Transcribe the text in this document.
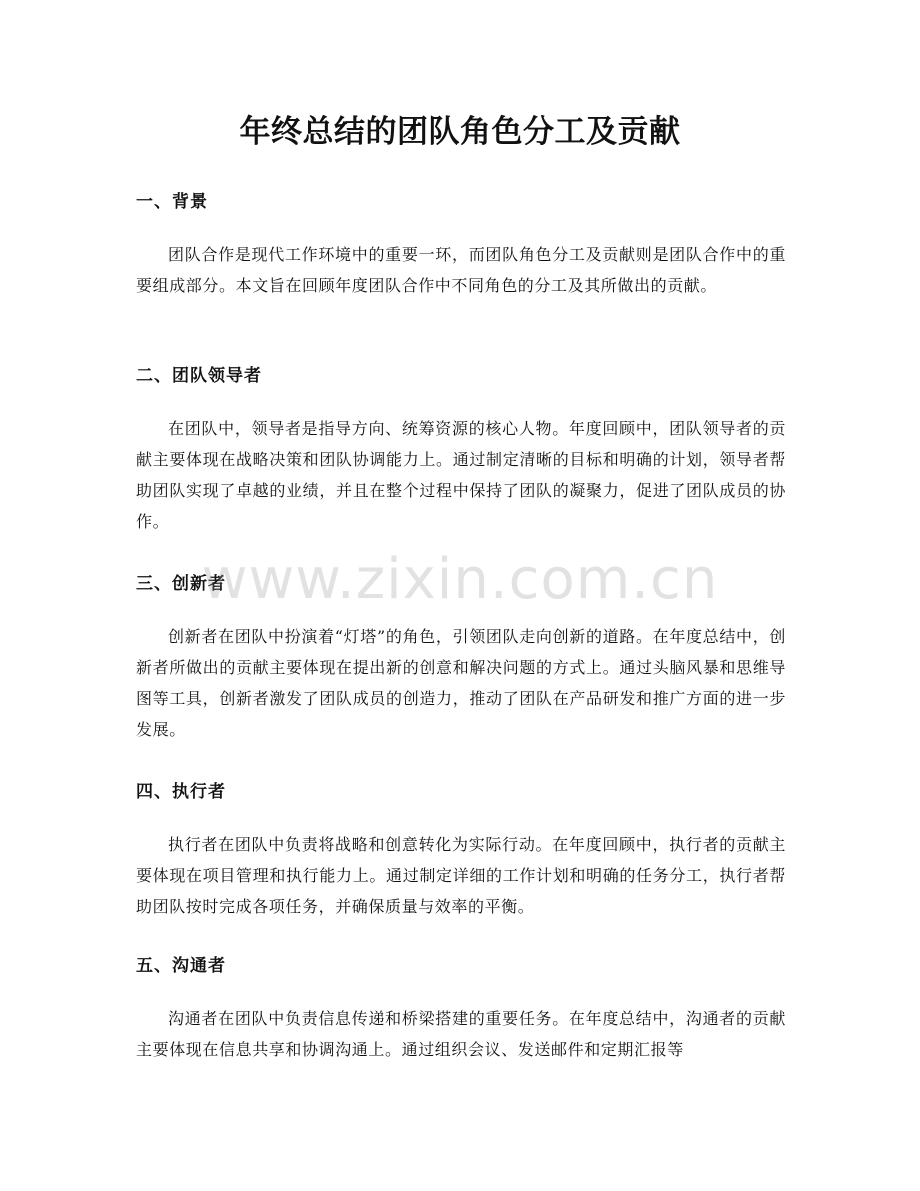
年终总结的团队角色分工及贡献
一、背景

团队合作是现代工作环境中的重要一环，而团队角色分工及贡献则是团队合作中的重要组成部分。本文旨在回顾年度团队合作中不同角色的分工及其所做出的贡献。

二、团队领导者

在团队中，领导者是指导方向、统筹资源的核心人物。年度回顾中，团队领导者的贡献主要体现在战略决策和团队协调能力上。通过制定清晰的目标和明确的计划，领导者帮助团队实现了卓越的业绩，并且在整个过程中保持了团队的凝聚力，促进了团队成员的协作。

三、创新者

创新者在团队中扮演着“灯塔”的角色，引领团队走向创新的道路。在年度总结中，创新者所做出的贡献主要体现在提出新的创意和解决问题的方式上。通过头脑风暴和思维导图等工具，创新者激发了团队成员的创造力，推动了团队在产品研发和推广方面的进一步发展。

四、执行者

执行者在团队中负责将战略和创意转化为实际行动。在年度回顾中，执行者的贡献主要体现在项目管理和执行能力上。通过制定详细的工作计划和明确的任务分工，执行者帮助团队按时完成各项任务，并确保质量与效率的平衡。

五、沟通者

沟通者在团队中负责信息传递和桥梁搭建的重要任务。在年度总结中，沟通者的贡献主要体现在信息共享和协调沟通上。通过组织会议、发送邮件和定期汇报等

www.zixin.com.cn
